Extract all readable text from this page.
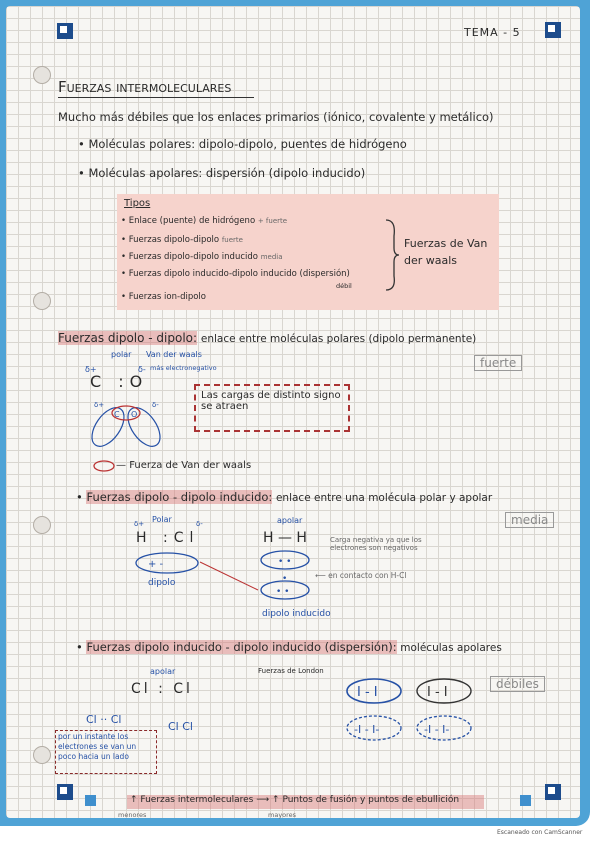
TEMA - 5
Fuerzas intermoleculares
Mucho más débiles que los enlaces primarios (iónico, covalente y metálico)
• Moléculas polares: dipolo-dipolo, puentes de hidrógeno
• Moléculas apolares: dispersión (dipolo inducido)
Tipos
• Enlace (puente) de hidrógeno + fuerte
• Fuerzas dipolo-dipolo fuerte
• Fuerzas dipolo-dipolo inducido media
• Fuerzas dipolo inducido-dipolo inducido (dispersión)
débil
• Fuerzas ion-dipolo
Fuerzas de Van der waals
Fuerzas dipolo - dipolo: enlace entre moléculas polares (dipolo permanente)
fuerte
polar Van der waals
más electronegativo
δ+	δ-
C :O
Las cargas de distinto signo se atraen
C O
δ+	δ-
— Fuerza de Van der waals
• Fuerzas dipolo - dipolo inducido: enlace entre una molécula polar y apolar
media
Polar	apolar
δ+	δ-
H :Cl	H — H	Carga negativa ya que los electrones son negativos
+ -	• •
•
• •
⟵ en contacto con H-Cl
dipolo
dipolo inducido
• Fuerzas dipolo inducido - dipolo inducido (dispersión): moléculas apolares
débiles
apolar	Fuerzas de London
Cl : Cl
Cl ·· Cl
Cl Cl
I - I	I - I
-I - I-	-I - I-
por un instante los electrones se van un poco hacia un lado
↑ Fuerzas intermoleculares ⟶ ↑ Puntos de fusión y puntos de ebullición
menores	mayores
Escaneado con CamScanner
